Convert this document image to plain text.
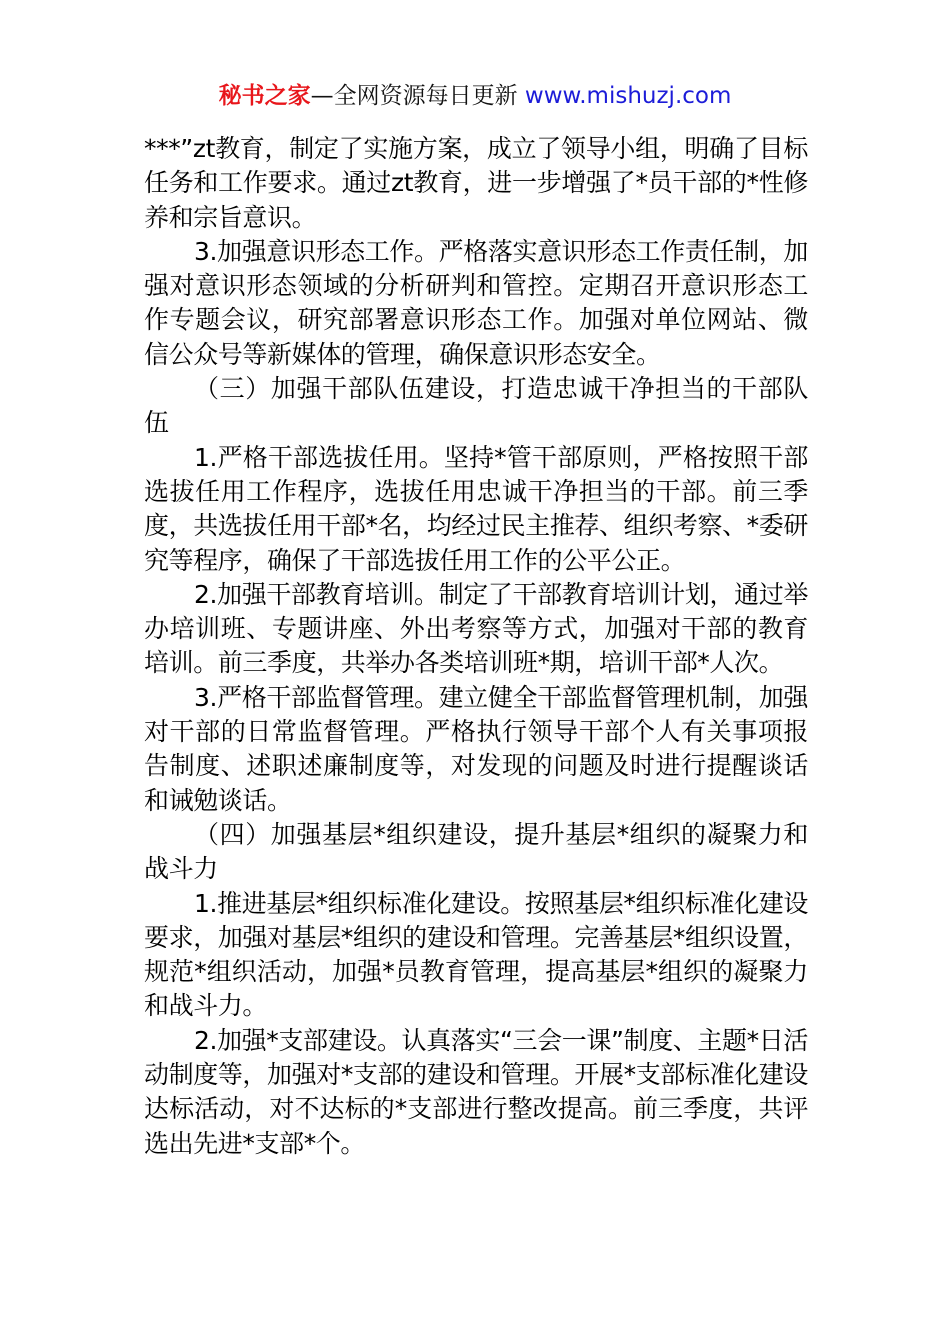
秘书之家—全网资源每日更新 www.mishuzj.com

***”zt教育，制定了实施方案，成立了领导小组，明确了目标任务和工作要求。通过zt教育，进一步增强了*员干部的*性修养和宗旨意识。

3.加强意识形态工作。严格落实意识形态工作责任制，加强对意识形态领域的分析研判和管控。定期召开意识形态工作专题会议，研究部署意识形态工作。加强对单位网站、微信公众号等新媒体的管理，确保意识形态安全。

（三）加强干部队伍建设，打造忠诚干净担当的干部队伍

1.严格干部选拔任用。坚持*管干部原则，严格按照干部选拔任用工作程序，选拔任用忠诚干净担当的干部。前三季度，共选拔任用干部*名，均经过民主推荐、组织考察、*委研究等程序，确保了干部选拔任用工作的公平公正。

2.加强干部教育培训。制定了干部教育培训计划，通过举办培训班、专题讲座、外出考察等方式，加强对干部的教育培训。前三季度，共举办各类培训班*期，培训干部*人次。

3.严格干部监督管理。建立健全干部监督管理机制，加强对干部的日常监督管理。严格执行领导干部个人有关事项报告制度、述职述廉制度等，对发现的问题及时进行提醒谈话和诫勉谈话。

（四）加强基层*组织建设，提升基层*组织的凝聚力和战斗力

1.推进基层*组织标准化建设。按照基层*组织标准化建设要求，加强对基层*组织的建设和管理。完善基层*组织设置，规范*组织活动，加强*员教育管理，提高基层*组织的凝聚力和战斗力。

2.加强*支部建设。认真落实“三会一课”制度、主题*日活动制度等，加强对*支部的建设和管理。开展*支部标准化建设达标活动，对不达标的*支部进行整改提高。前三季度，共评选出先进*支部*个。
